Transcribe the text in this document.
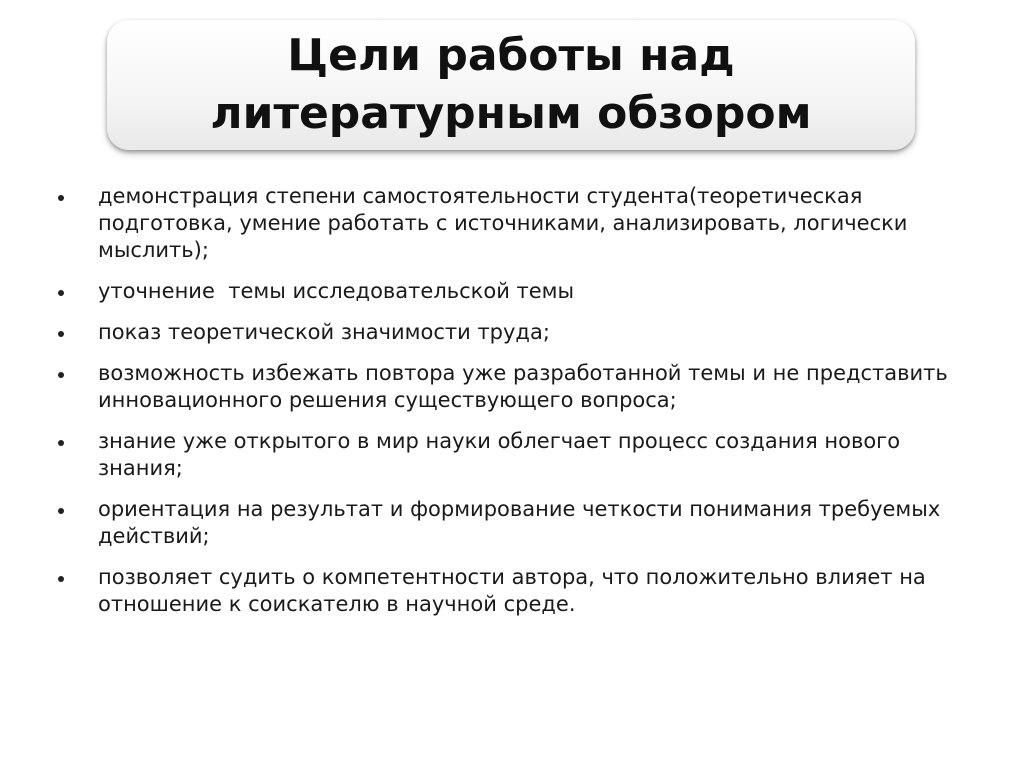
Цели работы над литературным обзором
демонстрация степени самостоятельности студента(теоретическая подготовка, умение работать с источниками, анализировать, логически мыслить);
уточнение  темы исследовательской темы
показ теоретической значимости труда;
возможность избежать повтора уже разработанной темы и не представить инновационного решения существующего вопроса;
знание уже открытого в мир науки облегчает процесс создания нового знания;
ориентация на результат и формирование четкости понимания требуемых действий;
позволяет судить о компетентности автора, что положительно влияет на отношение к соискателю в научной среде.
